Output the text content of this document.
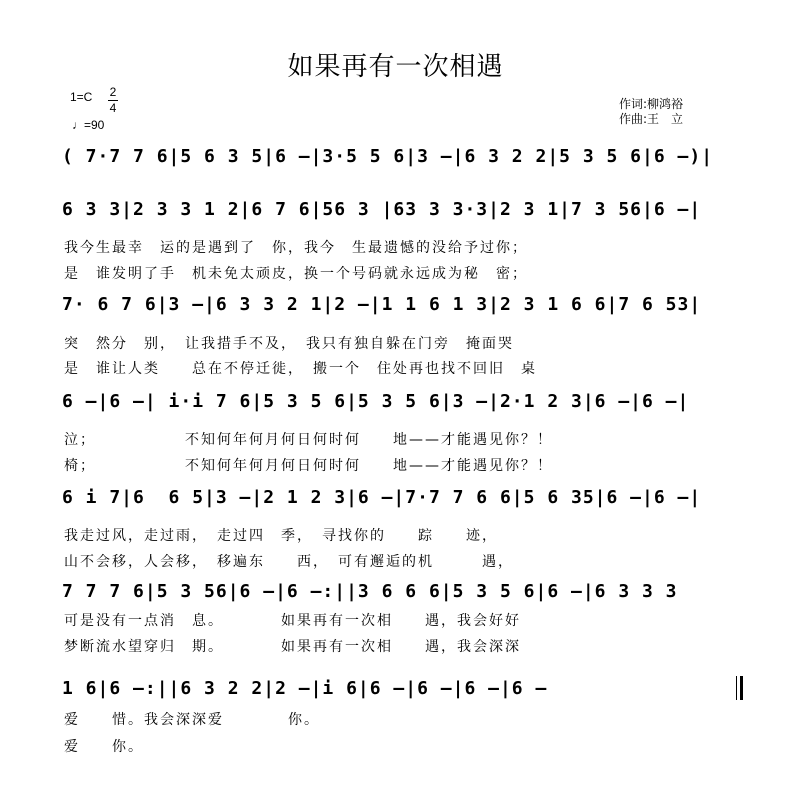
如果再有一次相遇
1=C 2
4
♩=90
作词:柳鸿裕
作曲:王　立
( 7·7 7 6|5 6 3 5|6 –|3·5 5 6|3 –|6 3 2 2|5 3 5 6|6 –)|
6 3 3|2 3 3 1 2|6 7 6|56 3 |63 3 3·3|2 3 1|7 3 56|6 –|
我今生最幸　运的是遇到了　你，我今　生最遗憾的没给予过你；
是　谁发明了手　机未免太顽皮，换一个号码就永远成为秘　密；
7· 6 7 6|3 –|6 3 3 2 1|2 –|1 1 6 1 3|2 3 1 6 6|7 6 53|
突　然分　别，　让我措手不及，　我只有独自躲在门旁　掩面哭
是　谁让人类　　总在不停迁徙，　搬一个　住处再也找不回旧　桌
6 –|6 –| i·i 7 6|5 3 5 6|5 3 5 6|3 –|2·1 2 3|6 –|6 –|
泣；　　　　　　不知何年何月何日何时何　　地——才能遇见你？！
椅；　　　　　　不知何年何月何日何时何　　地——才能遇见你？！
6 i 7|6  6 5|3 –|2 1 2 3|6 –|7·7 7 6 6|5 6 35|6 –|6 –|
我走过风，走过雨，　走过四　季，　寻找你的　　踪　　迹，
山不会移，人会移，　移遍东　　西，　可有邂逅的机　　　遇，
7 7 7 6|5 3 56|6 –|6 –:||3 6 6 6|5 3 5 6|6 –|6 3 3 3
可是没有一点消　息。　　　　如果再有一次相　　遇，我会好好
梦断流水望穿归　期。　　　　如果再有一次相　　遇，我会深深
1 6|6 –:||6 3 2 2|2 –|i 6|6 –|6 –|6 –|6 –
爱　　惜。我会深深爱　　　　你。
爱　　你。
